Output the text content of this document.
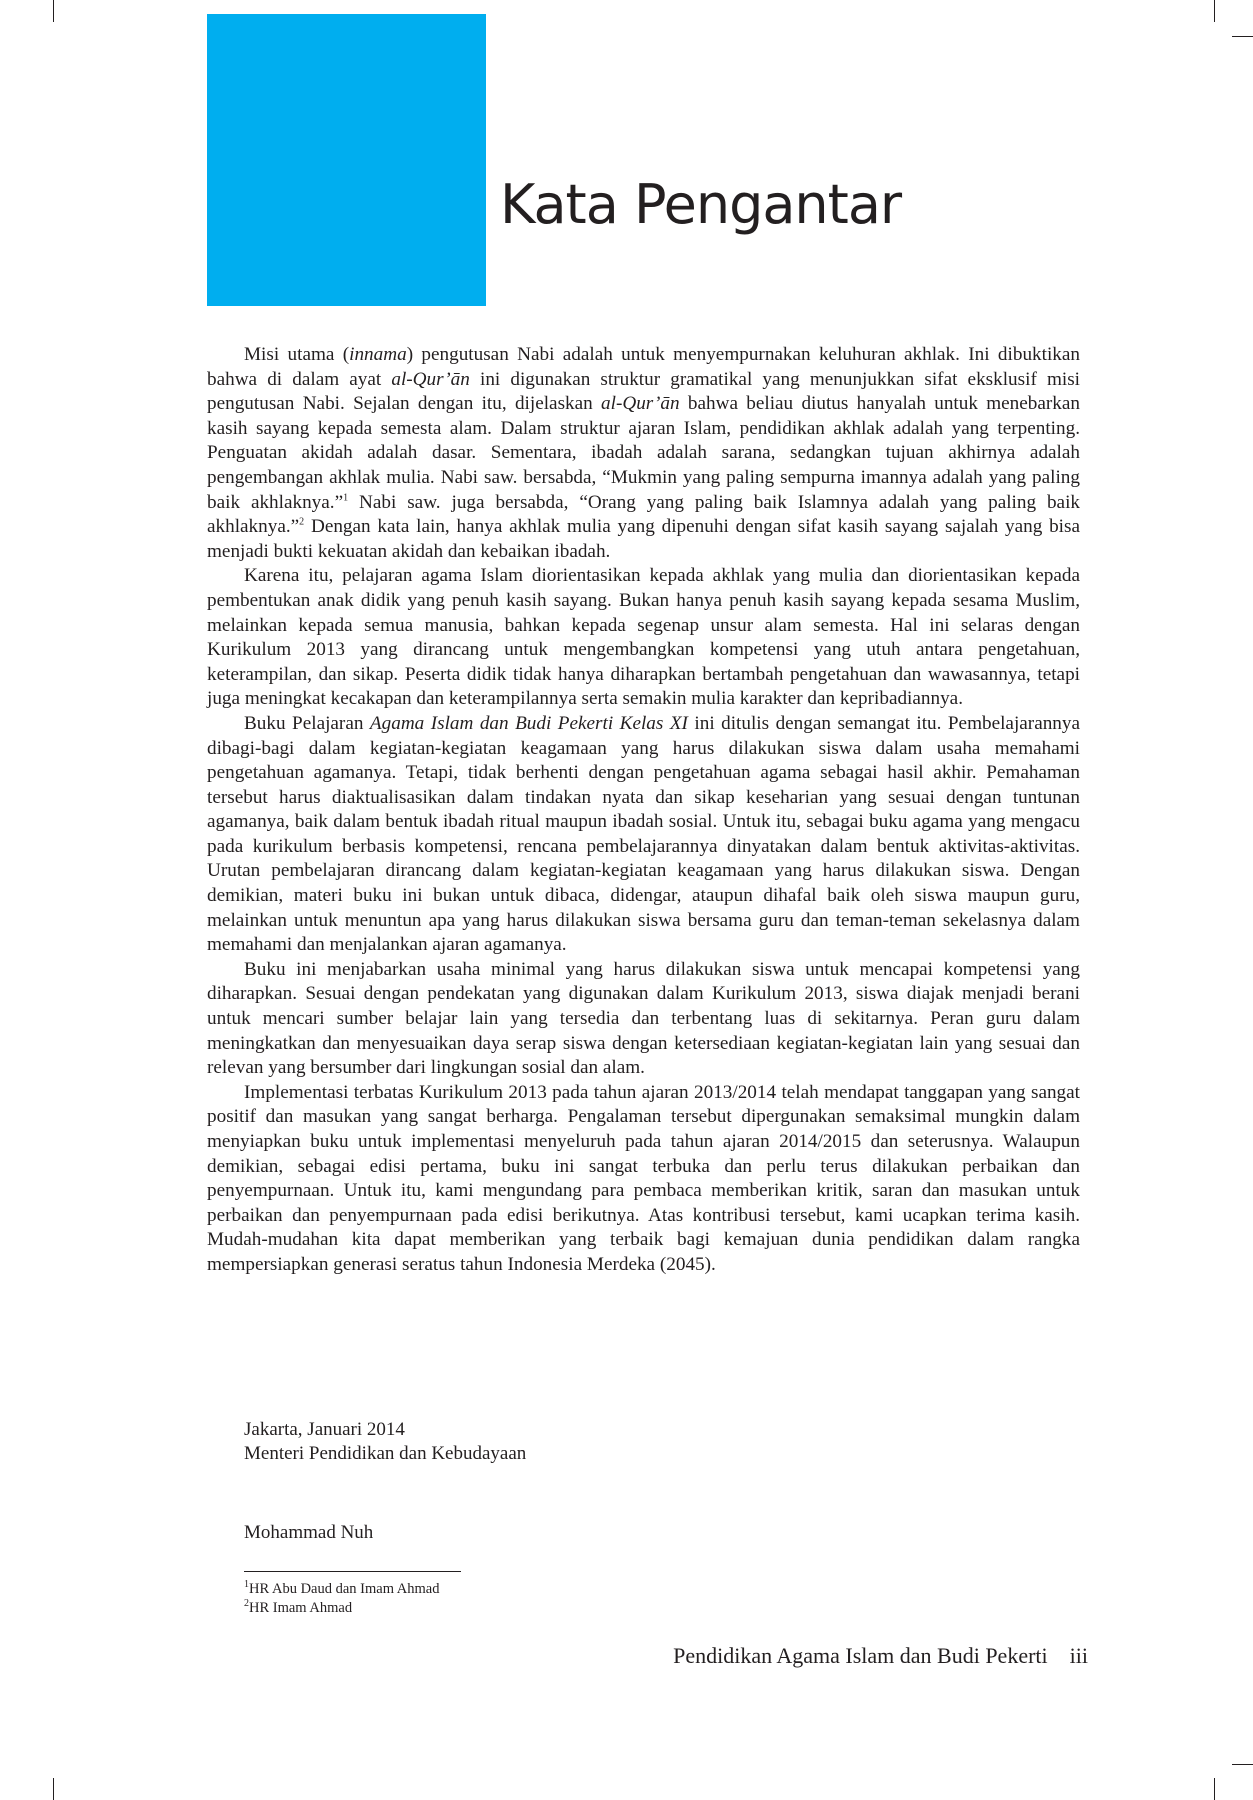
Kata Pengantar

Misi utama (innama) pengutusan Nabi adalah untuk menyempurnakan keluhuran akhlak. Ini dibuktikan bahwa di dalam ayat al-Qur’ān ini digunakan struktur gramatikal yang menunjukkan sifat eksklusif misi pengutusan Nabi. Sejalan dengan itu, dijelaskan al-Qur’ān bahwa beliau diutus hanyalah untuk menebarkan kasih sayang kepada semesta alam. Dalam struktur ajaran Islam, pendidikan akhlak adalah yang terpenting. Penguatan akidah adalah dasar. Sementara, ibadah adalah sarana, sedangkan tujuan akhirnya adalah pengembangan akhlak mulia. Nabi saw. bersabda, “Mukmin yang paling sempurna imannya adalah yang paling baik akhlaknya.”$^1$ Nabi saw. juga bersabda, “Orang yang paling baik Islamnya adalah yang paling baik akhlaknya.”$^2$ Dengan kata lain, hanya akhlak mulia yang dipenuhi dengan sifat kasih sayang sajalah yang bisa menjadi bukti kekuatan akidah dan kebaikan ibadah.

Karena itu, pelajaran agama Islam diorientasikan kepada akhlak yang mulia dan diorientasikan kepada pembentukan anak didik yang penuh kasih sayang. Bukan hanya penuh kasih sayang kepada sesama Muslim, melainkan kepada semua manusia, bahkan kepada segenap unsur alam semesta. Hal ini selaras dengan Kurikulum 2013 yang dirancang untuk mengembangkan kompetensi yang utuh antara pengetahuan, keterampilan, dan sikap. Peserta didik tidak hanya diharapkan bertambah pengetahuan dan wawasannya, tetapi juga meningkat kecakapan dan keterampilannya serta semakin mulia karakter dan kepribadiannya.

Buku Pelajaran Agama Islam dan Budi Pekerti Kelas XI ini ditulis dengan semangat itu. Pembelajarannya dibagi-bagi dalam kegiatan-kegiatan keagamaan yang harus dilakukan siswa dalam usaha memahami pengetahuan agamanya. Tetapi, tidak berhenti dengan pengetahuan agama sebagai hasil akhir. Pemahaman tersebut harus diaktualisasikan dalam tindakan nyata dan sikap keseharian yang sesuai dengan tuntunan agamanya, baik dalam bentuk ibadah ritual maupun ibadah sosial. Untuk itu, sebagai buku agama yang mengacu pada kurikulum berbasis kompetensi, rencana pembelajarannya dinyatakan dalam bentuk aktivitas-aktivitas. Urutan pembelajaran dirancang dalam kegiatan-kegiatan keagamaan yang harus dilakukan siswa. Dengan demikian, materi buku ini bukan untuk dibaca, didengar, ataupun dihafal baik oleh siswa maupun guru, melainkan untuk menuntun apa yang harus dilakukan siswa bersama guru dan teman-teman sekelasnya dalam memahami dan menjalankan ajaran agamanya.

Buku ini menjabarkan usaha minimal yang harus dilakukan siswa untuk mencapai kompetensi yang diharapkan. Sesuai dengan pendekatan yang digunakan dalam Kurikulum 2013, siswa diajak menjadi berani untuk mencari sumber belajar lain yang tersedia dan terbentang luas di sekitarnya. Peran guru dalam meningkatkan dan menyesuaikan daya serap siswa dengan ketersediaan kegiatan-kegiatan lain yang sesuai dan relevan yang bersumber dari lingkungan sosial dan alam.

Implementasi terbatas Kurikulum 2013 pada tahun ajaran 2013/2014 telah mendapat tanggapan yang sangat positif dan masukan yang sangat berharga. Pengalaman tersebut dipergunakan semaksimal mungkin dalam menyiapkan buku untuk implementasi menyeluruh pada tahun ajaran 2014/2015 dan seterusnya. Walaupun demikian, sebagai edisi pertama, buku ini sangat terbuka dan perlu terus dilakukan perbaikan dan penyempurnaan. Untuk itu, kami mengundang para pembaca memberikan kritik, saran dan masukan untuk perbaikan dan penyempurnaan pada edisi berikutnya. Atas kontribusi tersebut, kami ucapkan terima kasih. Mudah-mudahan kita dapat memberikan yang terbaik bagi kemajuan dunia pendidikan dalam rangka mempersiapkan generasi seratus tahun Indonesia Merdeka (2045).

Jakarta, Januari 2014
Menteri Pendidikan dan Kebudayaan
Mohammad Nuh
$^1$HR Abu Daud dan Imam Ahmad
$^2$HR Imam Ahmad
Pendidikan Agama Islam dan Budi Pekerti iii
